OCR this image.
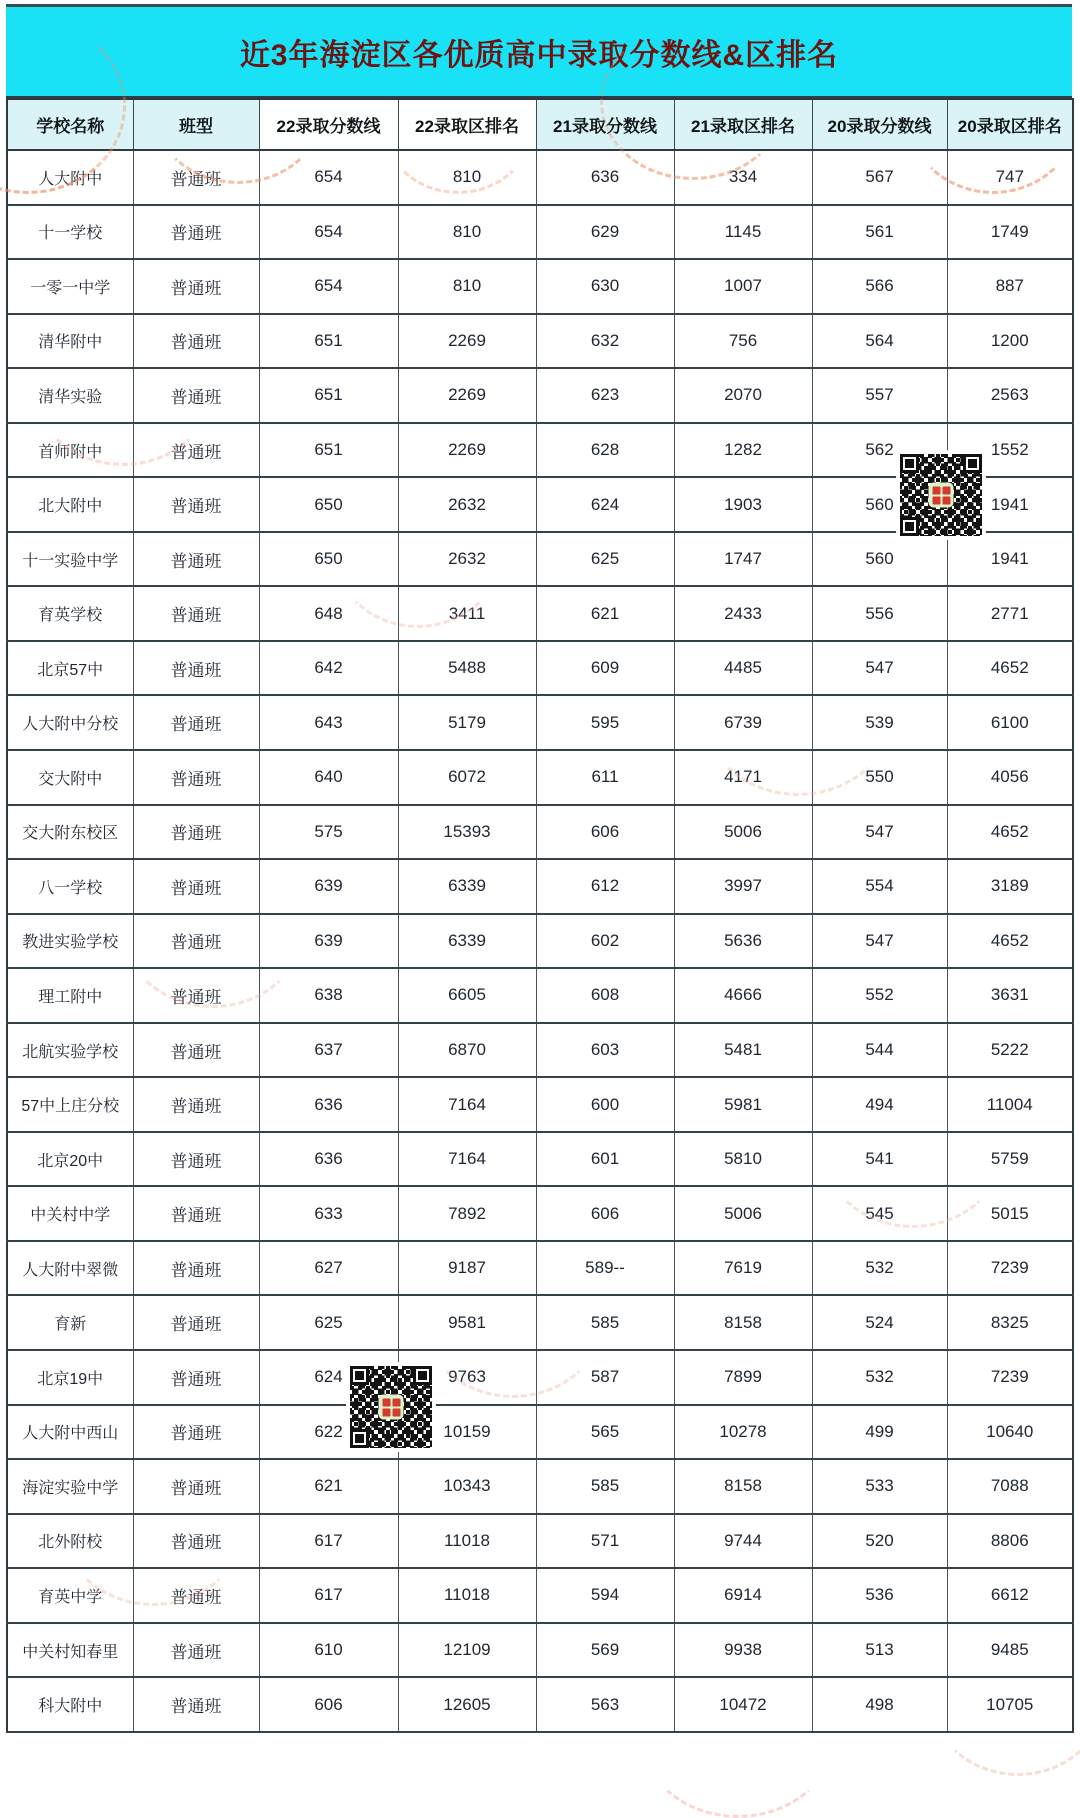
近3年海淀区各优质高中录取分数线&区排名
学校名称	班型	22录取分数线	22录取区排名	21录取分数线	21录取区排名	20录取分数线	20录取区排名
人大附中	普通班	654	810	636	334	567	747
十一学校	普通班	654	810	629	1145	561	1749
一零一中学	普通班	654	810	630	1007	566	887
清华附中	普通班	651	2269	632	756	564	1200
清华实验	普通班	651	2269	623	2070	557	2563
首师附中	普通班	651	2269	628	1282	562	1552
北大附中	普通班	650	2632	624	1903	560	1941
十一实验中学	普通班	650	2632	625	1747	560	1941
育英学校	普通班	648	3411	621	2433	556	2771
北京57中	普通班	642	5488	609	4485	547	4652
人大附中分校	普通班	643	5179	595	6739	539	6100
交大附中	普通班	640	6072	611	4171	550	4056
交大附东校区	普通班	575	15393	606	5006	547	4652
八一学校	普通班	639	6339	612	3997	554	3189
教进实验学校	普通班	639	6339	602	5636	547	4652
理工附中	普通班	638	6605	608	4666	552	3631
北航实验学校	普通班	637	6870	603	5481	544	5222
57中上庄分校	普通班	636	7164	600	5981	494	11004
北京20中	普通班	636	7164	601	5810	541	5759
中关村中学	普通班	633	7892	606	5006	545	5015
人大附中翠微	普通班	627	9187	589--	7619	532	7239
育新	普通班	625	9581	585	8158	524	8325
北京19中	普通班	624	9763	587	7899	532	7239
人大附中西山	普通班	622	10159	565	10278	499	10640
海淀实验中学	普通班	621	10343	585	8158	533	7088
北外附校	普通班	617	11018	571	9744	520	8806
育英中学	普通班	617	11018	594	6914	536	6612
中关村知春里	普通班	610	12109	569	9938	513	9485
科大附中	普通班	606	12605	563	10472	498	10705
